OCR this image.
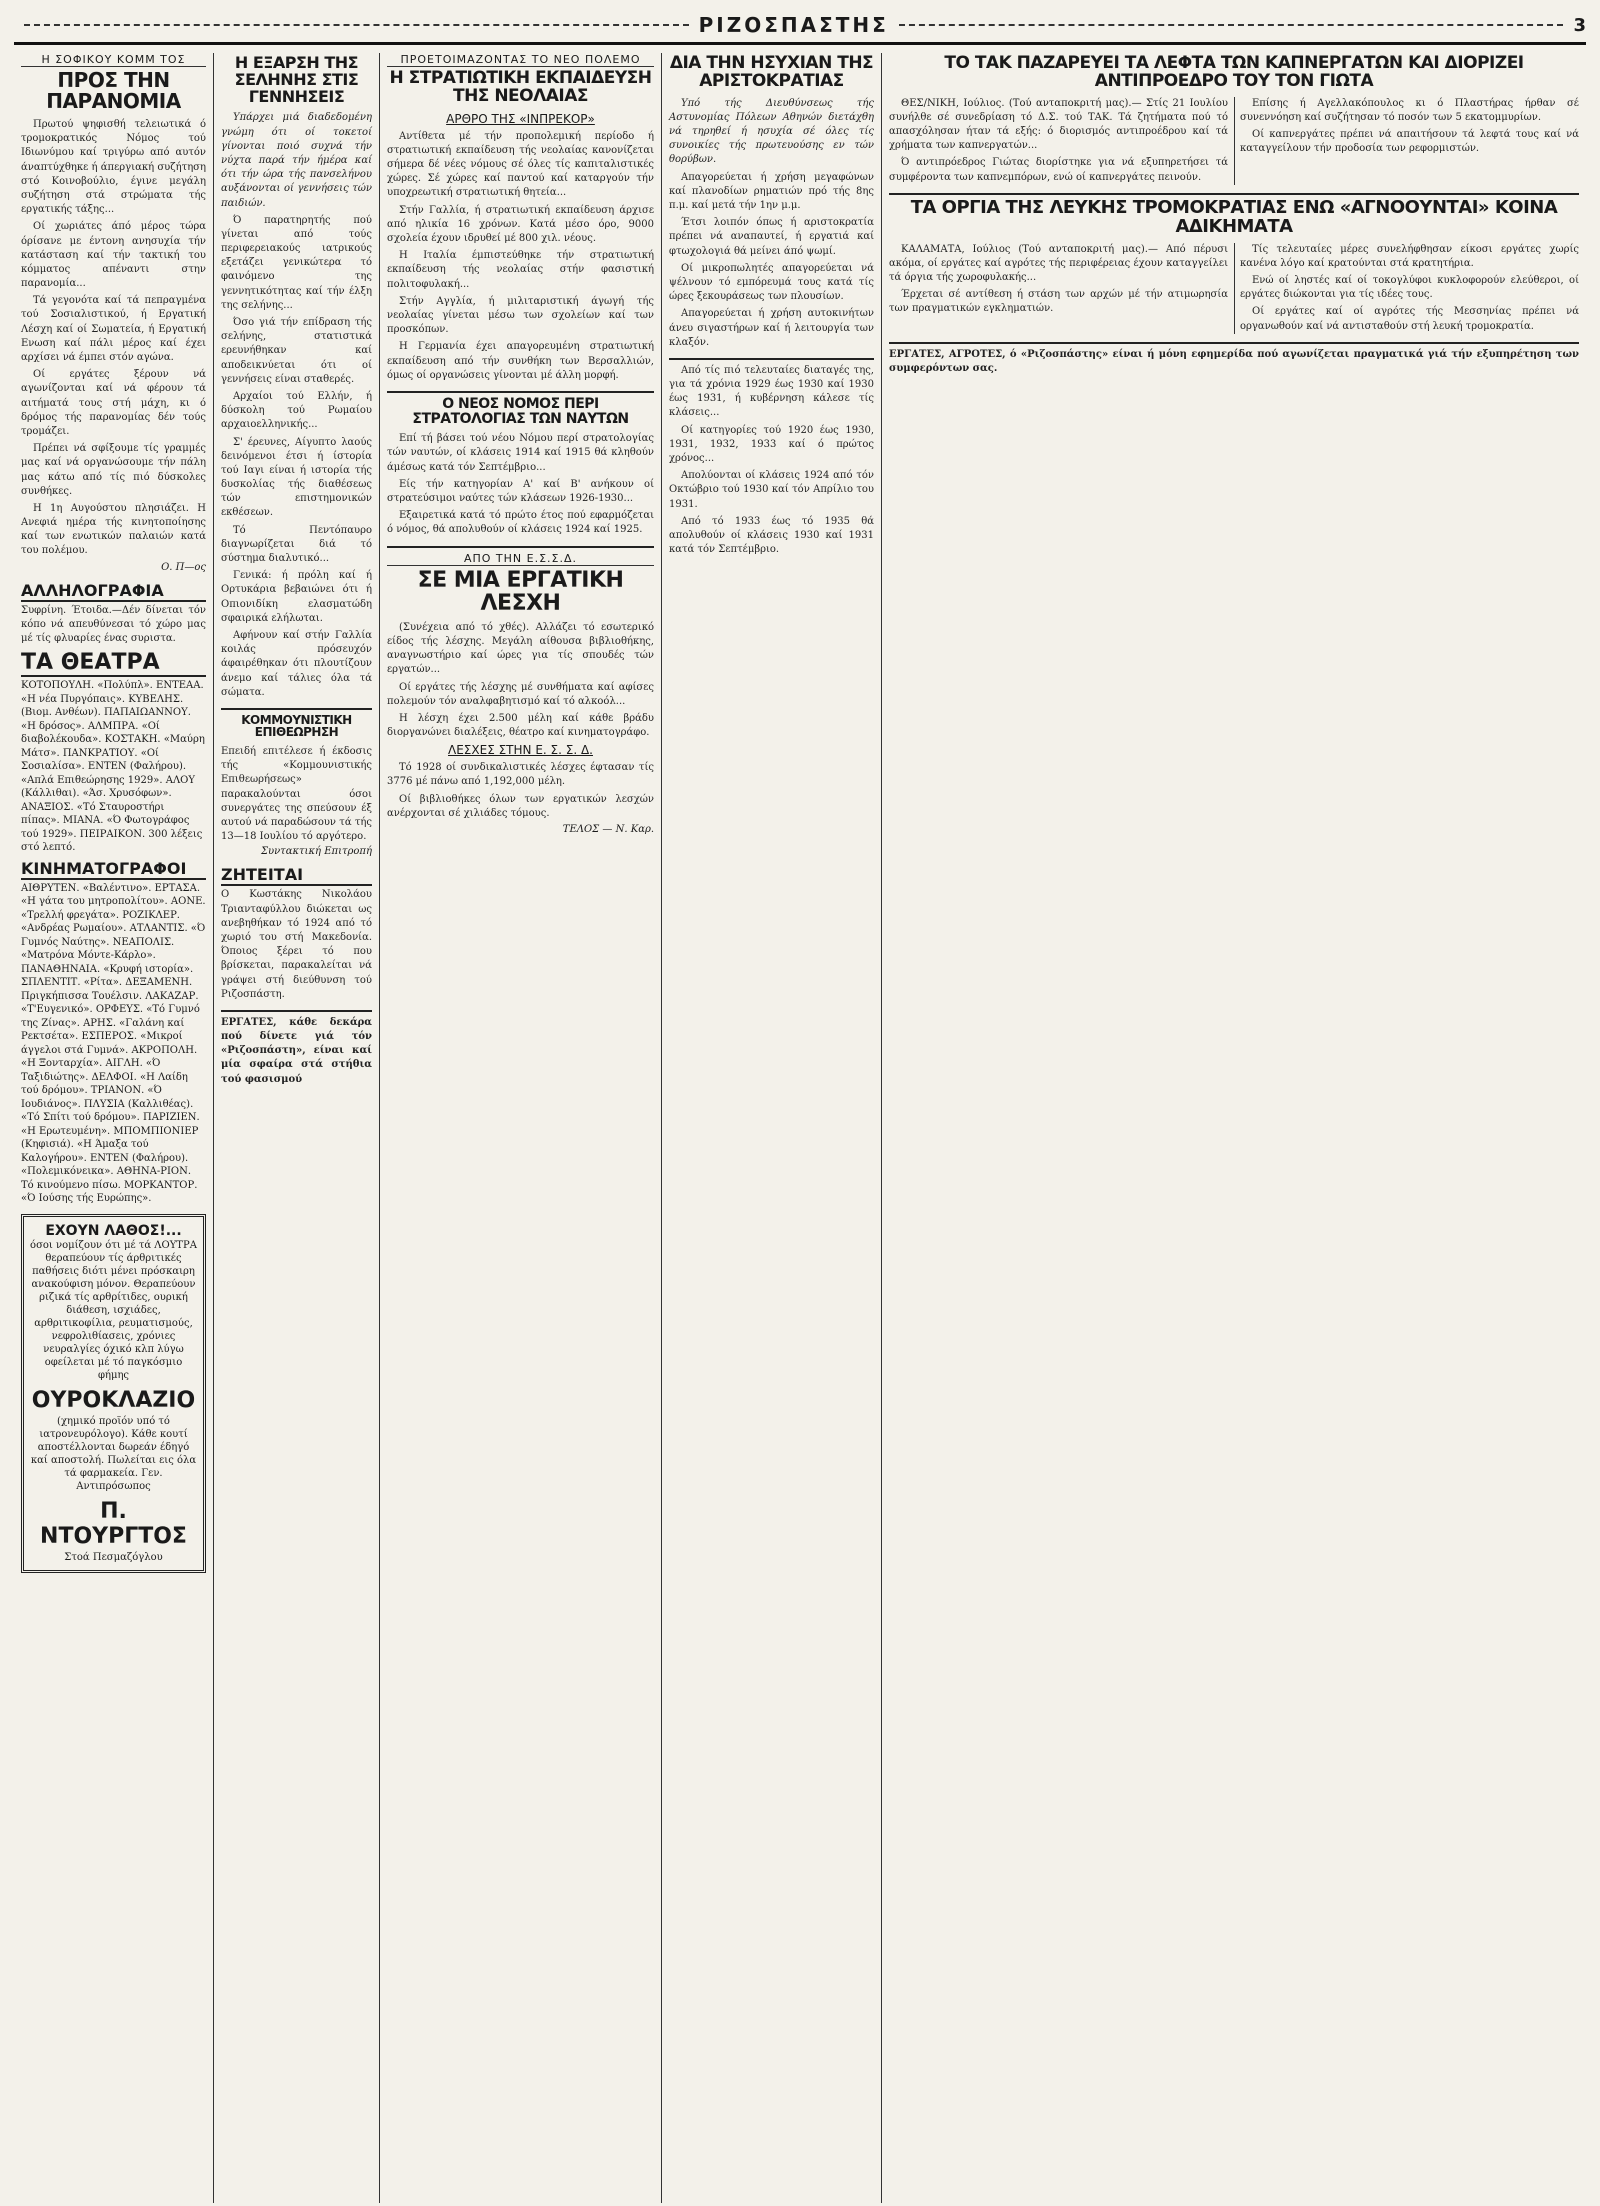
ΡΙΖΟΣΠΑΣΤΗΣ	3
Η ΣΟΦΙΚΟΥ ΚΟΜΜ ΤΟΣ
ΠΡΟΣ ΤΗΝ ΠΑΡΑΝΟΜΙΑ

Πρωτού ψηφισθή τελειωτικά ό τρομοκρατικός Νόμος τού Ιδιωνύμου καί τριγύρω από αυτόν άναπτύχθηκε ή άπεργιακή συζήτηση στό Κοινοβούλιο, έγινε μεγάλη συζήτηση στά στρώματα τής εργατικής τάξης...

Οί χωριάτες άπό μέρος τώρα όρίσανε με έντονη ανησυχία τήν κατάσταση καί τήν τακτική του κόμματος απέναντι στην παρανομία...

Τά γεγονότα καί τά πεπραγμένα τού Σοσιαλιστικού, ή Εργατική Λέσχη καί οί Σωματεία, ή Εργατική Ενωση καί πάλι μέρος καί έχει αρχίσει νά έμπει στόν αγώνα.

Οί εργάτες ξέρουν νά αγωνίζονται καί νά φέρουν τά αιτήματά τους στή μάχη, κι ό δρόμος τής παρανομίας δέν τούς τρομάζει.

Πρέπει νά σφίξουμε τίς γραμμές μας καί νά οργανώσουμε τήν πάλη μας κάτω από τίς πιό δύσκολες συνθήκες.

Η 1η Αυγούστου πλησιάζει. Η Ανεφιά ημέρα τής κινητοποίησης καί των ενωτικών παλαιών κατά του πολέμου.

Ο. Π—ος
ΑΛΛΗΛΟΓΡΑΦΙΑ
Συφρίνη. Έτοιδα.—Δέν δίνεται τόν κόπο νά απευθύνεσαι τό χώρο μας μέ τίς φλυαρίες ένας συριστα.
ΤΑ ΘΕΑΤΡΑ
ΚΟΤΟΠΟΥΛΗ. «Πολύπλ». ΕΝΤΕΑΑ. «Η νέα Πυργόπαις». ΚΥΒΕΛΗΣ. (Βιομ. Ανθέων). ΠΑΠΑΙΩΑΝΝΟΥ. «Η δρόσος». ΑΛΜΠΡΑ. «Οί διαβολέκουδα». ΚΟΣΤΑΚΗ. «Μαύρη Μάτσ». ΠΑΝΚΡΑΤΙΟΥ. «Οί Σοσιαλίσα». ΕΝΤΕΝ (Φαλήρου). «Απλά Επιθεώρησης 1929». ΑΛΟΥ (Κάλλιθαι). «Άσ. Χρυσόφων». ΑΝΑΞΙΟΣ. «Τό Σταυροστήρι πίπας». ΜΙΑΝΑ. «Ό Φωτογράφος τού 1929». ΠΕΙΡΑΙΚΟΝ. 300 λέξεις στό λεπτό.
ΚΙΝΗΜΑΤΟΓΡΑΦΟΙ
ΑΙΘΡΥΤΕΝ. «Βαλέντινο». ΕΡΤΑΣΑ. «Η γάτα του μητροπολίτου». ΑΟΝΕ. «Τρελλή φρεγάτα». ΡΟΖΙΚΛΕΡ. «Ανδρέας Ρωμαίου». ΑΤΛΑΝΤΙΣ. «Ό Γυμνός Ναύτης». ΝΕΑΠΟΛΙΣ. «Ματρόνα Μόντε-Κάρλο». ΠΑΝΑΘΗΝΑΙΑ. «Κρυφή ιστορία». ΣΠΛΕΝΤΙΤ. «Ρίτα». ΔΕΞΑΜΕΝΗ. Πριγκήπισσα Τουέλσιν. ΛΑΚΑΖΑΡ. «Τ'Ευγενικό». ΟΡΦΕΥΣ. «Τό Γυμνό της Ζίνας». ΑΡΗΣ. «Γαλάνη καί Ρεκτσέτα». ΕΣΠΕΡΟΣ. «Μικροί άγγελοι στά Γυμνά». ΑΚΡΟΠΟΛΗ. «Η Ξονταρχία». ΑΙΓΛΗ. «Ό Ταξιδιώτης». ΔΕΛΦΟΙ. «Η Λαίδη τού δρόμου». ΤΡΙΑΝΟΝ. «Ό Ιουδιάνος». ΠΛΥΣΙΑ (Καλλιθέας). «Τό Σπίτι τού δρόμου». ΠΑΡΙΖΙΕΝ. «Η Ερωτευμένη». ΜΠΟΜΠΙΟΝΙΕΡ (Κηφισιά). «Η Άμαξα τού Καλογήρου». ΕΝΤΕΝ (Φαλήρου). «Πολεμικόνεικα». ΑΘΗΝΑ-ΡΙΟΝ. Τό κινούμενο πίσω. ΜΟΡΚΑΝΤΟΡ. «Ό Ιούσης τής Ευρώπης».
ΕΧΟΥΝ ΛΑΘΟΣ!...
όσοι νομίζουν ότι μέ τά ΛΟΥΤΡΑ θεραπεύουν τίς άρθριτικές παθήσεις διότι μένει πρόσκαιρη ανακούφιση μόνον. Θεραπεύουν ριζικά τίς αρθρίτιδες, ουρική διάθεση, ισχιάδες, αρθριτικοφίλια, ρευματισμούς, νεφρολιθίασεις, χρόνιες νευραλγίες όχικό κλπ λύγω οφείλεται μέ τό παγκόσμιο φήμης
ΟΥΡΟΚΛΑΖΙΟ
(χημικό προϊόν υπό τό ιατρονευρόλογο). Κάθε κουτί αποστέλλονται δωρεάν έδηγό καί αποστολή. Πωλείται εις όλα τά φαρμακεία. Γεν. Αντιπρόσωπος
Π. ΝΤΟΥΡΓΤΟΣ
Στοά Πεσμαζόγλου
Η ΕΞΑΡΣΗ ΤΗΣ ΣΕΛΗΝΗΣ ΣΤΙΣ ΓΕΝΝΗΣΕΙΣ

Υπάρχει μιά διαδεδομένη γνώμη ότι οί τοκετοί γίνονται ποιό συχνά τήν νύχτα παρά τήν ήμέρα καί ότι τήν ώρα τής πανσελήνου αυξάνονται οί γεννήσεις τών παιδιών.

Ό παρατηρητής πού γίνεται από τούς περιφερειακούς ιατρικούς εξετάζει γενικώτερα τό φαινόμενο της γεννητικότητας καί τήν έλξη της σελήνης...

Όσο γιά τήν επίδραση τής σελήνης, στατιστικά ερευνήθηκαν καί αποδεικνύεται ότι οί γεννήσεις είναι σταθερές.

Αρχαίοι τού Ελλήν, ή δύσκολη τού Ρωμαίου αρχαιοελληνικής...

Σ' έρευνες, Αίγυπτο λαούς δεινόμενοι έτσι ή ίστορία τού Ιαγι είναι ή ιστορία τής δυσκολίας τής διαθέσεως τών επιστημονικών εκθέσεων.

Τό Πεντόπαυρο διαγνωρίζεται διά τό σύστημα διαλυτικό...

Γενικά: ή πρόλη καί ή Ορτυκάρια βεβαιώνει ότι ή Οπιονιδίκη ελασματώδη σφαιρικά ελήλωται.

Αφήνουν καί στήν Γαλλία κοιλάς πρόσευχόν άφαιρέθηκαν ότι πλουτίζουν άνεμο καί τάλιες όλα τά σώματα.

ΚΟΜΜΟΥΝΙΣΤΙΚΗ ΕΠΙΘΕΩΡΗΣΗ
Επειδή επιτέλεσε ή έκδοσις τής «Κομμουνιστικής Επιθεωρήσεως» παρακαλούνται όσοι συνεργάτες της σπεύσουν έξ αυτού νά παραδώσουν τά τής 13—18 Ιουλίου τό αργότερο.
Συντακτική Επιτροπή
ΖΗΤΕΙΤΑΙ
Ο Κωστάκης Νικολάου Τριανταφύλλου διώκεται ως ανεβηθήκαν τό 1924 από τό χωριό του στή Μακεδονία. Όποιος ξέρει τό που βρίσκεται, παρακαλείται νά γράψει στή διεύθυνση τού Ριζοσπάστη.
ΕΡΓΑΤΕΣ, κάθε δεκάρα πού δίνετε γιά τόν «Ριζοσπάστη», είναι καί μία σφαίρα στά στήθια τού φασισμού
ΠΡΟΕΤΟΙΜΑΖΟΝΤΑΣ ΤΟ ΝΕΟ ΠΟΛΕΜΟ
Η ΣΤΡΑΤΙΩΤΙΚΗ ΕΚΠΑΙΔΕΥΣΗ ΤΗΣ ΝΕΟΛΑΙΑΣ
ΑΡΘΡΟ ΤΗΣ «ΙΝΠΡΕΚΟΡ»

Αντίθετα μέ τήν προπολεμική περίοδο ή στρατιωτική εκπαίδευση τής νεολαίας κανονίζεται σήμερα δέ νέες νόμους σέ όλες τίς καπιταλιστικές χώρες. Σέ χώρες καί παντού καί καταργούν τήν υποχρεωτική στρατιωτική θητεία...

Στήν Γαλλία, ή στρατιωτική εκπαίδευση άρχισε από ηλικία 16 χρόνων. Κατά μέσο όρο, 9000 σχολεία έχουν ιδρυθεί μέ 800 χιλ. νέους.

Η Ιταλία έμπιστεύθηκε τήν στρατιωτική εκπαίδευση τής νεολαίας στήν φασιστική πολιτοφυλακή...

Στήν Αγγλία, ή μιλιταριστική άγωγή τής νεολαίας γίνεται μέσω των σχολείων καί των προσκόπων.

Η Γερμανία έχει απαγορευμένη στρατιωτική εκπαίδευση από τήν συνθήκη των Βερσαλλιών, όμως οί οργανώσεις γίνονται μέ άλλη μορφή.

Ο ΝΕΟΣ ΝΟΜΟΣ ΠΕΡΙ ΣΤΡΑΤΟΛΟΓΙΑΣ ΤΩΝ ΝΑΥΤΩΝ

Επί τή βάσει τού νέου Νόμου περί στρατολογίας τών ναυτών, οί κλάσεις 1914 καί 1915 θά κληθούν άμέσως κατά τόν Σεπτέμβριο...

Είς τήν κατηγορίαν Α' καί Β' ανήκουν οί στρατεύσιμοι ναύτες τών κλάσεων 1926-1930...

Εξαιρετικά κατά τό πρώτο έτος πού εφαρμόζεται ό νόμος, θά απολυθούν οί κλάσεις 1924 καί 1925.

ΑΠΟ ΤΗΝ Ε.Σ.Σ.Δ.
ΣΕ ΜΙΑ ΕΡΓΑΤΙΚΗ ΛΕΣΧΗ

(Συνέχεια από τό χθές). Αλλάζει τό εσωτερικό είδος τής λέσχης. Μεγάλη αίθουσα βιβλιοθήκης, αναγνωστήριο καί ώρες για τίς σπουδές τών εργατών...

Οί εργάτες τής λέσχης μέ συνθήματα καί αφίσες πολεμούν τόν αναλφαβητισμό καί τό αλκοόλ...

Η λέσχη έχει 2.500 μέλη καί κάθε βράδυ διοργανώνει διαλέξεις, θέατρο καί κινηματογράφο.

ΛΕΣΧΕΣ ΣΤΗΝ Ε. Σ. Σ. Δ.

Τό 1928 οί συνδικαλιστικές λέσχες έφτασαν τίς 3776 μέ πάνω από 1,192,000 μέλη.

Οί βιβλιοθήκες όλων των εργατικών λεσχών ανέρχονται σέ χιλιάδες τόμους.

ΤΕΛΟΣ — Ν. Καρ.
ΔΙΑ ΤΗΝ ΗΣΥΧΙΑΝ ΤΗΣ ΑΡΙΣΤΟΚΡΑΤΙΑΣ

Υπό τής Διευθύνσεως τής Αστυνομίας Πόλεων Αθηνών διετάχθη νά τηρηθεί ή ησυχία σέ όλες τίς συνοικίες τής πρωτευούσης εν τών θορύβων.

Απαγορεύεται ή χρήση μεγαφώνων καί πλανοδίων ρηματιών πρό τής 8ης π.μ. καί μετά τήν 1ην μ.μ.

Έτσι λοιπόν όπως ή αριστοκρατία πρέπει νά αναπαυτεί, ή εργατιά καί φτωχολογιά θά μείνει άπό ψωμί.

Οί μικροπωλητές απαγορεύεται νά ψέλνουν τό εμπόρευμά τους κατά τίς ώρες ξεκουράσεως των πλουσίων.

Απαγορεύεται ή χρήση αυτοκινήτων άνευ σιγαστήρων καί ή λειτουργία των κλαξόν.

Από τίς πιό τελευταίες διαταγές της, για τά χρόνια 1929 έως 1930 καί 1930 έως 1931, ή κυβέρνηση κάλεσε τίς κλάσεις...

Οί κατηγορίες τού 1920 έως 1930, 1931, 1932, 1933 καί ό πρώτος χρόνος...

Απολύονται οί κλάσεις 1924 από τόν Οκτώβριο τού 1930 καί τόν Απρίλιο του 1931.

Από τό 1933 έως τό 1935 θά απολυθούν οί κλάσεις 1930 καί 1931 κατά τόν Σεπτέμβριο.

ΤΟ ΤΑΚ ΠΑΖΑΡΕΥΕΙ ΤΑ ΛΕΦΤΑ ΤΩΝ ΚΑΠΝΕΡΓΑΤΩΝ ΚΑΙ ΔΙΟΡΙΖΕΙ ΑΝΤΙΠΡΟΕΔΡΟ ΤΟΥ ΤΟΝ ΓΙΩΤΑ

ΘΕΣ/ΝΙΚΗ, Ιούλιος. (Τού ανταποκριτή μας).— Στίς 21 Ιουλίου συνήλθε σέ συνεδρίαση τό Δ.Σ. τού ΤΑΚ. Τά ζητήματα πού τό απασχόλησαν ήταν τά εξής: ό διορισμός αντιπροέδρου καί τά χρήματα των καπνεργατών...

Ό αντιπρόεδρος Γιώτας διορίστηκε για νά εξυπηρετήσει τά συμφέροντα των καπνεμπόρων, ενώ οί καπνεργάτες πεινούν.

Επίσης ή Αγελλακόπουλος κι ό Πλαστήρας ήρθαν σέ συνεννόηση καί συζήτησαν τό ποσόν των 5 εκατομμυρίων.

Οί καπνεργάτες πρέπει νά απαιτήσουν τά λεφτά τους καί νά καταγγείλουν τήν προδοσία των ρεφορμιστών.

ΤΑ ΟΡΓΙΑ ΤΗΣ ΛΕΥΚΗΣ ΤΡΟΜΟΚΡΑΤΙΑΣ ΕΝΩ «ΑΓΝΟΟΥΝΤΑΙ» ΚΟΙΝΑ ΑΔΙΚΗΜΑΤΑ

ΚΑΛΑΜΑΤΑ, Ιούλιος (Τού ανταποκριτή μας).— Από πέρυσι ακόμα, οί εργάτες καί αγρότες τής περιφέρειας έχουν καταγγείλει τά όργια τής χωροφυλακής...

Έρχεται σέ αντίθεση ή στάση των αρχών μέ τήν ατιμωρησία των πραγματικών εγκληματιών.

Τίς τελευταίες μέρες συνελήφθησαν είκοσι εργάτες χωρίς κανένα λόγο καί κρατούνται στά κρατητήρια.

Ενώ οί ληστές καί οί τοκογλύφοι κυκλοφορούν ελεύθεροι, οί εργάτες διώκονται για τίς ιδέες τους.

Οί εργάτες καί οί αγρότες τής Μεσσηνίας πρέπει νά οργανωθούν καί νά αντισταθούν στή λευκή τρομοκρατία.

ΕΡΓΑΤΕΣ, ΑΓΡΟΤΕΣ, ό «Ριζοσπάστης» είναι ή μόνη εφημερίδα πού αγωνίζεται πραγματικά γιά τήν εξυπηρέτηση των συμφερόντων σας.
